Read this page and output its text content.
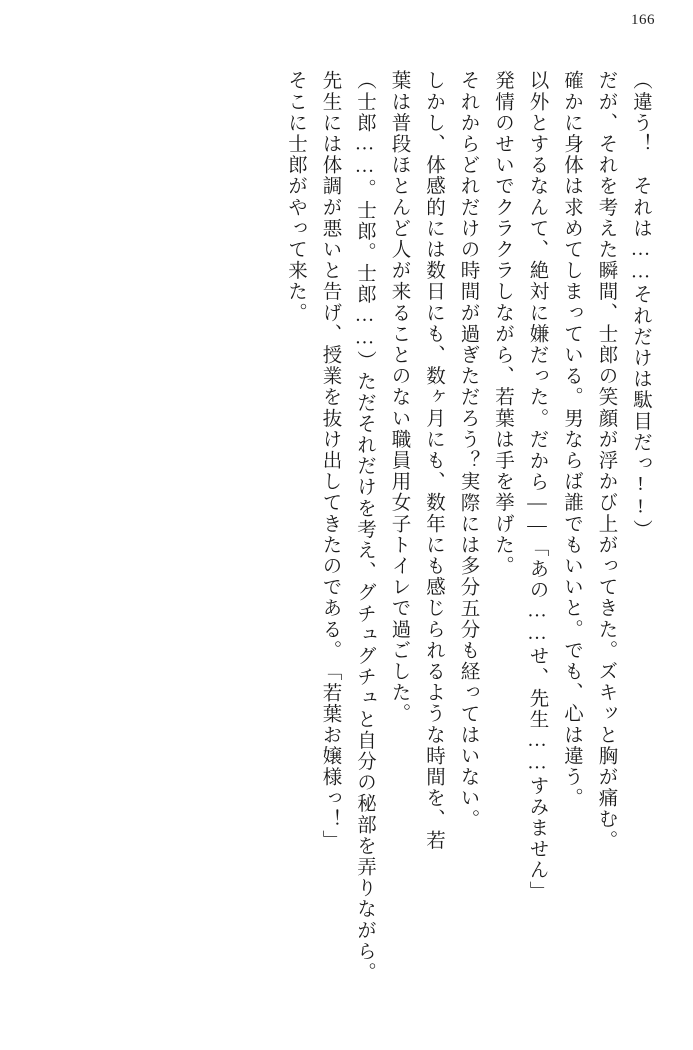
166

（違う！　それは……それだけは駄目だっ!!）

だが、それを考えた瞬間、士郎の笑顔が浮かび上がってきた。ズキッと胸が痛む。

確かに身体は求めてしまっている。男ならば誰でもいいと。でも、心は違う。

以外とするなんて、絶対に嫌だった。

だから——

「あの……せ、先生……すみません」

発情のせいでクラクラしながら、若葉は手を挙げた。

それからどれだけの時間が過ぎただろう？

実際には多分五分も経ってはいない。

しかし、体感的には数日にも、数ヶ月にも、数年にも感じられるような時間を、若

葉は普段ほとんど人が来ることのない職員用女子トイレで過ごした。

（士郎……。士郎。士郎……）

ただそれだけを考え、グチュグチュと自分の秘部を弄りながら。

先生には体調が悪いと告げ、授業を抜け出してきたのである。

「若葉お嬢様っ！」

そこに士郎がやって来た。
